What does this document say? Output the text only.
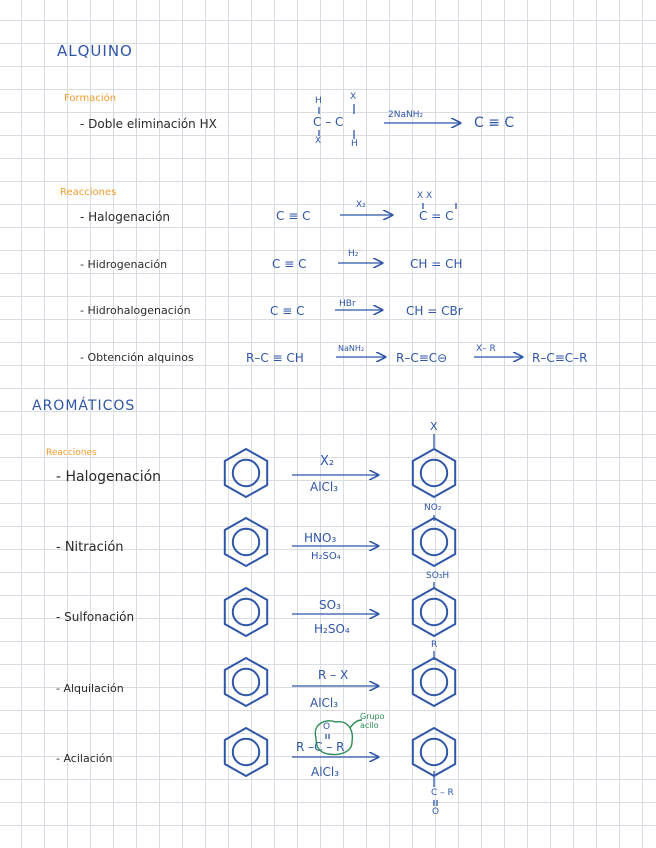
ALQUINO
Formación
- Doble eliminación HX
H	X
C – C
X	H
2NaNH₂	C ≡ C
Reacciones
- Halogenación	C ≡ C
X₂
X X
C = C
- Hidrogenación	C ≡ C
H₂
CH = CH
- Hidrohalogenación	C ≡ C	HBr	CH = CBr
- Obtención alquinos	R–C ≡ CH
NaNH₂
R–C≡C⊖
X– R
R–C≡C–R
AROMÁTICOS
Reacciones
- Halogenación
X₂
AlCl₃
X
- Nitración
HNO₃
H₂SO₄
NO₂
- Sulfonación
SO₃
H₂SO₄
SO₃H
- Alquilación
R – X
AlCl₃
R
- Acilación
O
R –C – R
AlCl₃
Grupo acilo
C – R
O
